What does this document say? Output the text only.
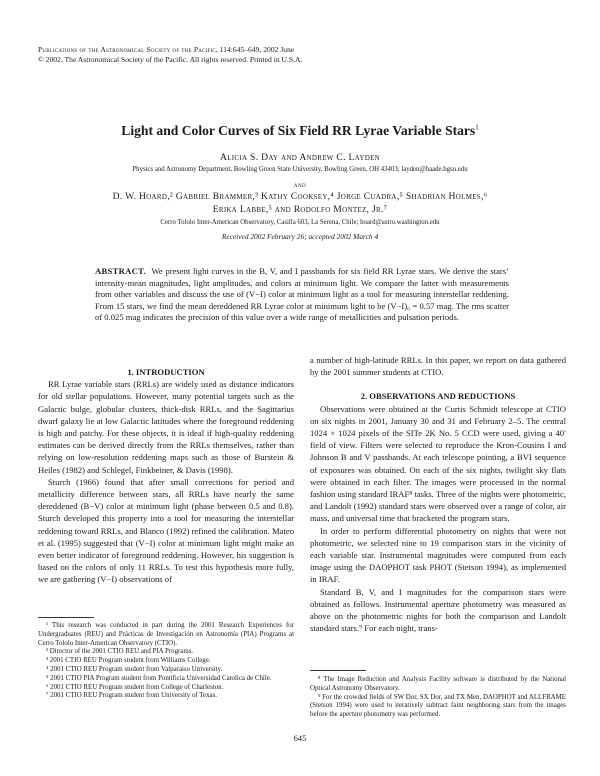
Publications of the Astronomical Society of the Pacific, 114:645–649, 2002 June
© 2002. The Astronomical Society of the Pacific. All rights reserved. Printed in U.S.A.
Light and Color Curves of Six Field RR Lyrae Variable Stars$^1$
Alicia S. Day and Andrew C. Layden
Physics and Astronomy Department, Bowling Green State University, Bowling Green, OH 43403; layden@baade.bgsu.edu
and
D. W. Hoard,² Gabriel Brammer,³ Kathy Cooksey,⁴ Jorge Cuadra,⁵ Shadrian Holmes,⁶
Erika Labbe,⁵ and Rodolfo Montez, Jr.⁷
Cerro Tololo Inter-American Observatory, Casilla 603, La Serena, Chile; hoard@astro.washington.edu
Received 2002 February 26; accepted 2002 March 4
ABSTRACT. We present light curves in the B, V, and I passbands for six field RR Lyrae stars. We derive the stars’ intensity-mean magnitudes, light amplitudes, and colors at minimum light. We compare the latter with measurements from other variables and discuss the use of (V−I) color at minimum light as a tool for measuring interstellar reddening. From 15 stars, we find the mean dereddened RR Lyrae color at minimum light to be (V−I)₀ = 0.57 mag. The rms scatter of 0.025 mag indicates the precision of this value over a wide range of metallicities and pulsation periods.

1. INTRODUCTION

RR Lyrae variable stars (RRLs) are widely used as distance indicators for old stellar populations. However, many potential targets such as the Galactic bulge, globular clusters, thick-disk RRLs, and the Sagittarius dwarf galaxy lie at low Galactic latitudes where the foreground reddening is high and patchy. For these objects, it is ideal if high-quality reddening estimates can be derived directly from the RRLs themselves, rather than relying on low-resolution reddening maps such as those of Burstein & Heiles (1982) and Schlegel, Finkbeiner, & Davis (1998).

Sturch (1966) found that after small corrections for period and metallicity difference between stars, all RRLs have nearly the same dereddened (B−V) color at minimum light (phase between 0.5 and 0.8). Sturch developed this property into a tool for measuring the interstellar reddening toward RRLs, and Blanco (1992) refined the calibration. Mateo et al. (1995) suggested that (V−I) color at minimum light might make an even better indicator of foreground reddening. However, his suggestion is based on the colors of only 11 RRLs. To test this hypothesis more fully, we are gathering (V−I) observations of

¹ This research was conducted in part during the 2001 Research Experiences for Undergraduates (REU) and Prácticas de Investigación en Astronomía (PIA) Programs at Cerro Tololo Inter-American Observatory (CTIO).

² Director of the 2001 CTIO REU and PIA Programs.

³ 2001 CTIO REU Program student from Williams College.

⁴ 2001 CTIO REU Program student from Valparaiso University.

⁵ 2001 CTIO PIA Program student from Pontificia Universidad Catolica de Chile.

⁶ 2001 CTIO REU Program student from College of Charleston.

⁷ 2001 CTIO REU Program student from University of Texas.

a number of high-latitude RRLs. In this paper, we report on data gathered by the 2001 summer students at CTIO.

2. OBSERVATIONS AND REDUCTIONS

Observations were obtained at the Curtis Schmidt telescope at CTIO on six nights in 2001, January 30 and 31 and February 2–5. The central 1024 × 1024 pixels of the SITe 2K No. 5 CCD were used, giving a 40′ field of view. Filters were selected to reproduce the Kron-Cousins I and Johnson B and V passbands. At each telescope pointing, a BVI sequence of exposures was obtained. On each of the six nights, twilight sky flats were obtained in each filter. The images were processed in the normal fashion using standard IRAF⁸ tasks. Three of the nights were photometric, and Landolt (1992) standard stars were observed over a range of color, air mass, and universal time that bracketed the program stars.

In order to perform differential photometry on nights that were not photometric, we selected nine to 19 comparison stars in the vicinity of each variable star. Instrumental magnitudes were computed from each image using the DAOPHOT task PHOT (Stetson 1994), as implemented in IRAF.

Standard B, V, and I magnitudes for the comparison stars were obtained as follows. Instrumental aperture photometry was measured as above on the photometric nights for both the comparison and Landolt standard stars.⁹ For each night, trans-

⁸ The Image Reduction and Analysis Facility software is distributed by the National Optical Astronomy Observatory.

⁹ For the crowded fields of SW Dor, SX Dor, and TX Men, DAOPHOT and ALLFRAME (Stetson 1994) were used to iteratively subtract faint neighboring stars from the images before the aperture photometry was performed.

645
